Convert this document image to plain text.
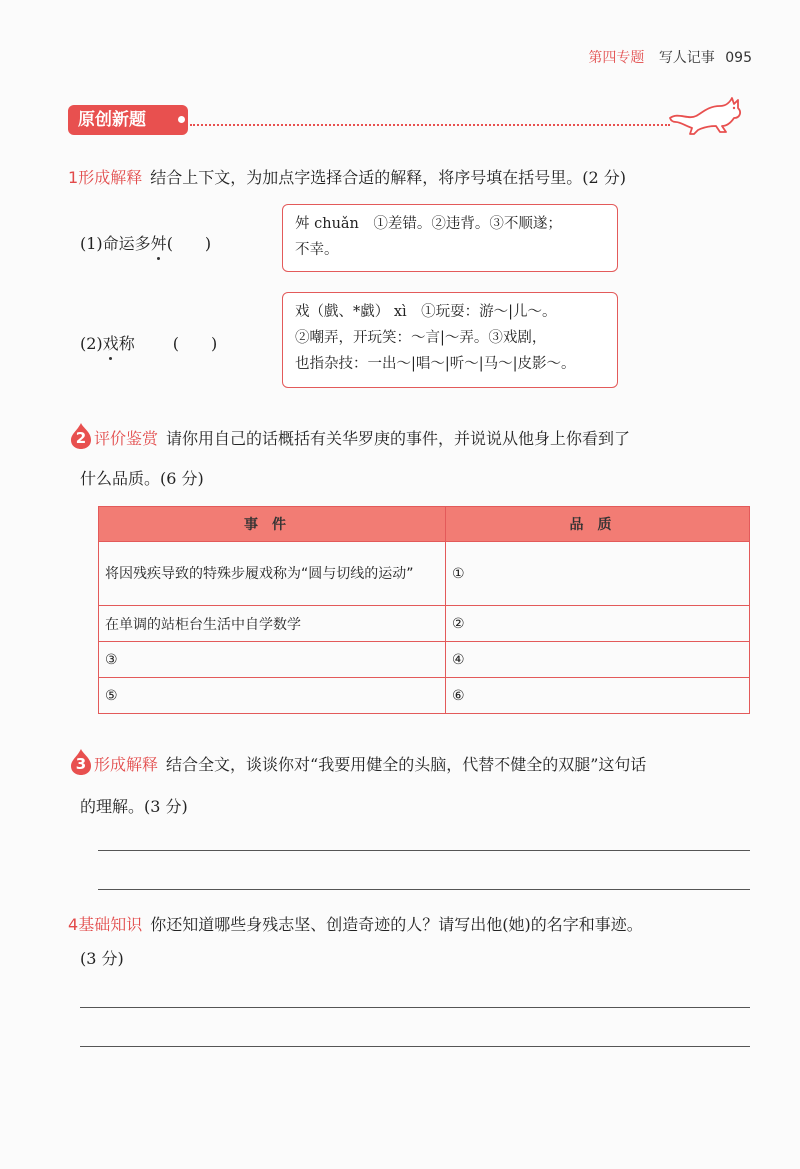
第四专题 写人记事 095
原创新题
1形成解释 结合上下文，为加点字选择合适的解释，将序号填在括号里。(2 分)
(1)命运多舛(　　)
舛 chuǎn　①差错。②违背。③不顺遂；
不幸。
(2)戏称 (　　)
戏（戲、*戱） xì　①玩耍：游～|儿～。
②嘲弄，开玩笑：～言|～弄。③戏剧，
也指杂技：一出～|唱～|听～|马～|皮影～。
2 评价鉴赏 请你用自己的话概括有关华罗庚的事件，并说说从他身上你看到了
什么品质。(6 分)
事件	品质
将因残疾导致的特殊步履戏称为“圆与切线的运动”	①
在单调的站柜台生活中自学数学	②
③	④
⑤	⑥
3 形成解释 结合全文，谈谈你对“我要用健全的头脑，代替不健全的双腿”这句话
的理解。(3 分)
4基础知识 你还知道哪些身残志坚、创造奇迹的人？请写出他(她)的名字和事迹。
(3 分)
